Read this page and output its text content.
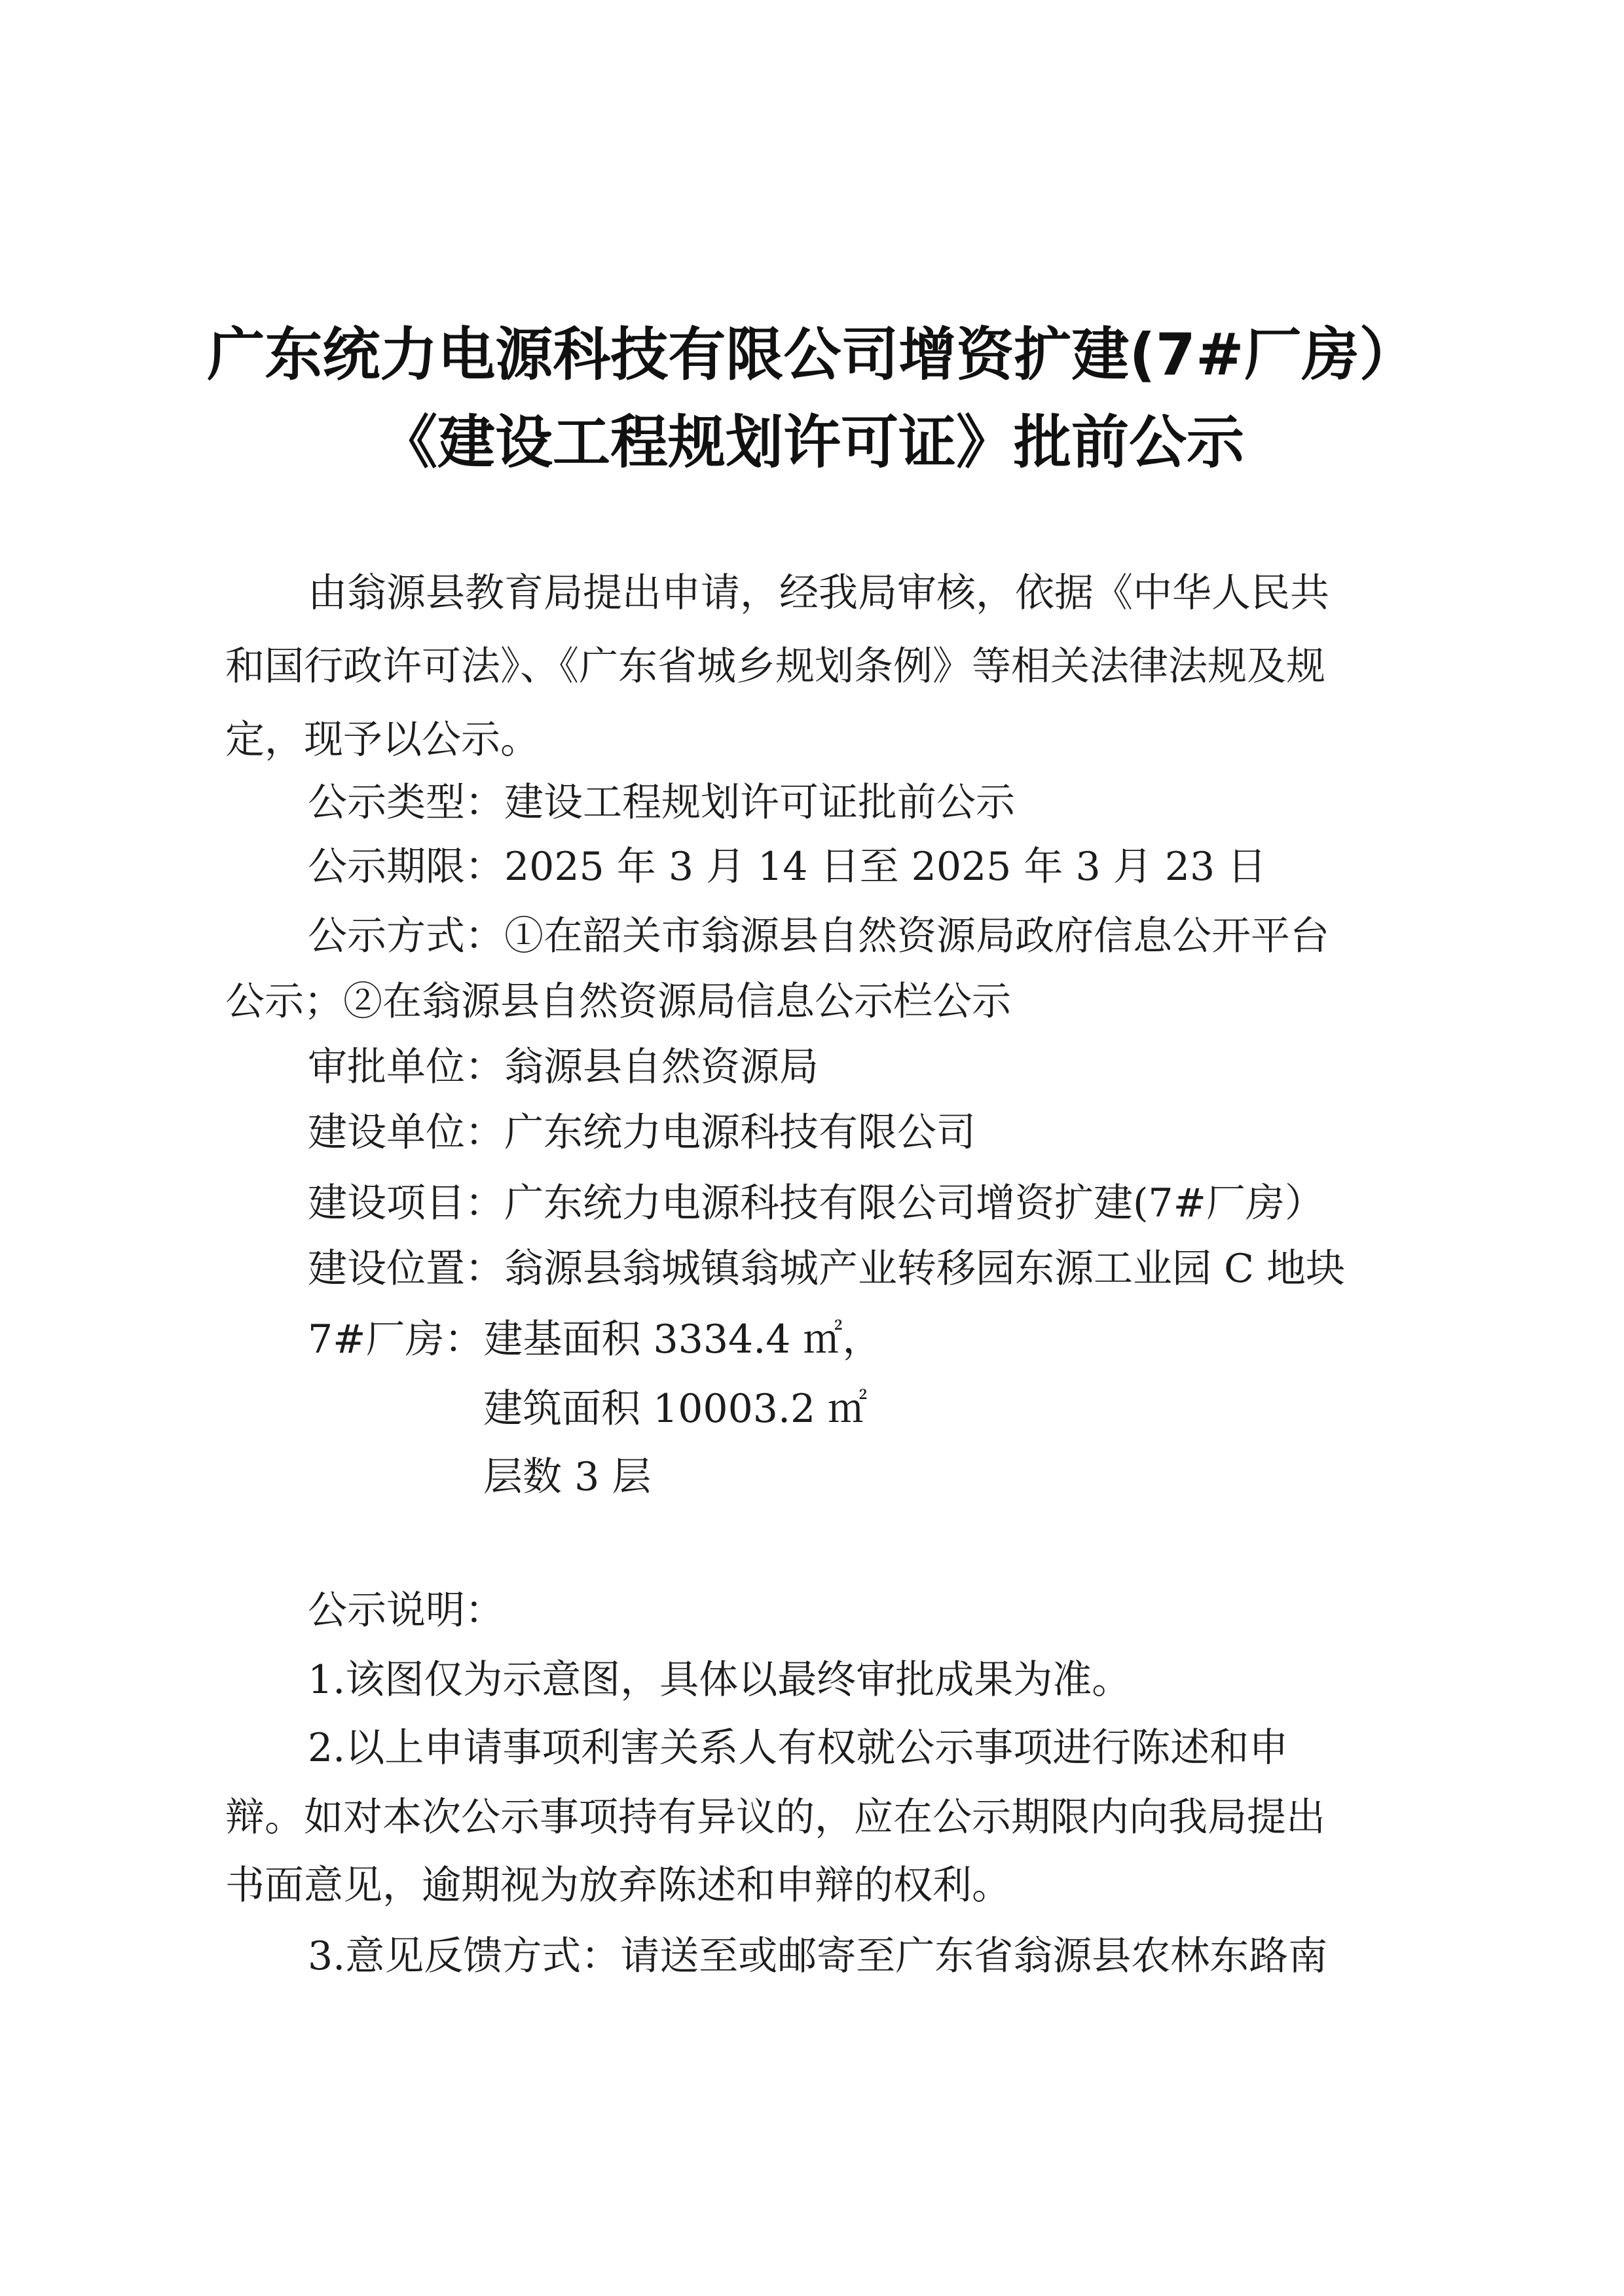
广东统力电源科技有限公司增资扩建(7#厂房）
《建设工程规划许可证》批前公示
由翁源县教育局提出申请，经我局审核，依据《中华人民共
和国行政许可法》、《广东省城乡规划条例》等相关法律法规及规
定，现予以公示。
公示类型：建设工程规划许可证批前公示
公示期限：2025 年 3 月 14 日至 2025 年 3 月 23 日
公示方式：①在韶关市翁源县自然资源局政府信息公开平台
公示；②在翁源县自然资源局信息公示栏公示
审批单位：翁源县自然资源局
建设单位：广东统力电源科技有限公司
建设项目：广东统力电源科技有限公司增资扩建(7#厂房）
建设位置：翁源县翁城镇翁城产业转移园东源工业园 C 地块
7#厂房：建基面积 3334.4 ㎡，
建筑面积 10003.2 ㎡
层数 3 层
公示说明：
1.该图仅为示意图，具体以最终审批成果为准。
2.以上申请事项利害关系人有权就公示事项进行陈述和申
辩。如对本次公示事项持有异议的，应在公示期限内向我局提出
书面意见，逾期视为放弃陈述和申辩的权利。
3.意见反馈方式：请送至或邮寄至广东省翁源县农林东路南
